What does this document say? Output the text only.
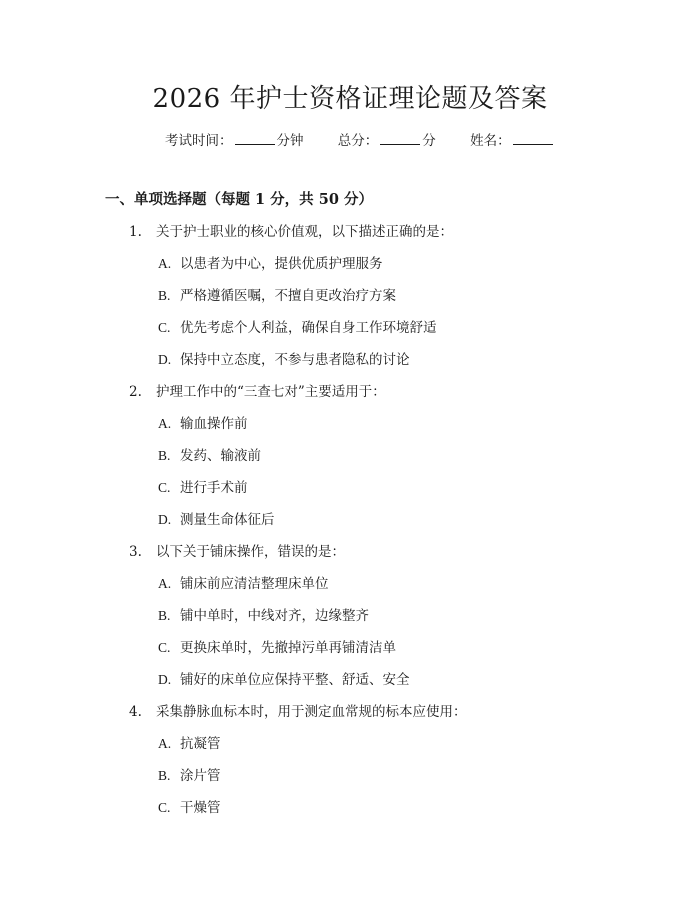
2026 年护士资格证理论题及答案
考试时间：	分钟	总分：	分	姓名：
一、单项选择题（每题 1 分，共 50 分）
1. 关于护士职业的核心价值观，以下描述正确的是：
A. 以患者为中心，提供优质护理服务
B. 严格遵循医嘱，不擅自更改治疗方案
C. 优先考虑个人利益，确保自身工作环境舒适
D. 保持中立态度，不参与患者隐私的讨论
2. 护理工作中的“三查七对”主要适用于：
A. 输血操作前
B. 发药、输液前
C. 进行手术前
D. 测量生命体征后
3. 以下关于铺床操作，错误的是：
A. 铺床前应清洁整理床单位
B. 铺中单时，中线对齐，边缘整齐
C. 更换床单时，先撤掉污单再铺清洁单
D. 铺好的床单位应保持平整、舒适、安全
4. 采集静脉血标本时，用于测定血常规的标本应使用：
A. 抗凝管
B. 涂片管
C. 干燥管
